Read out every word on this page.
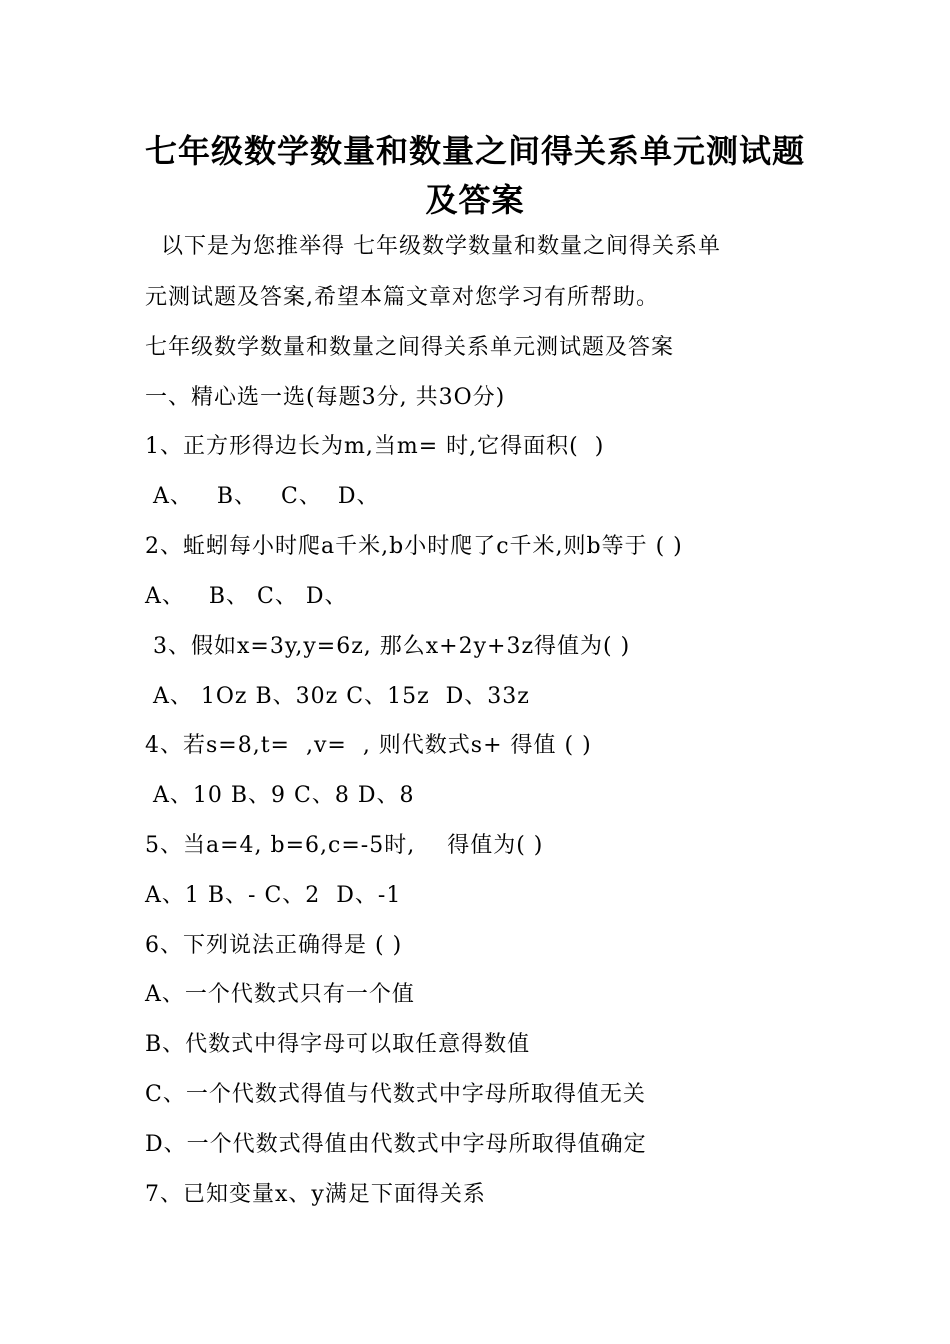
七年级数学数量和数量之间得关系单元测试题
及答案
以下是为您推举得 七年级数学数量和数量之间得关系单
元测试题及答案,希望本篇文章对您学习有所帮助。
七年级数学数量和数量之间得关系单元测试题及答案
一、精心选一选(每题3分, 共3O分)
1、正方形得边长为m,当m= 时,它得面积(  )
A、   B、   C、  D、
2、蚯蚓每小时爬a千米,b小时爬了c千米,则b等于 ( )
A、   B、 C、 D、
3、假如x=3y,y=6z, 那么x+2y+3z得值为( )
A、 1Oz B、30z C、15z  D、33z
4、若s=8,t=  ,v=  , 则代数式s+ 得值 ( )
A、10 B、9 C、8 D、8
5、当a=4, b=6,c=-5时,    得值为( )
A、1 B、- C、2  D、-1
6、下列说法正确得是 ( )
A、一个代数式只有一个值
B、代数式中得字母可以取任意得数值
C、一个代数式得值与代数式中字母所取得值无关
D、一个代数式得值由代数式中字母所取得值确定
7、已知变量x、y满足下面得关系
